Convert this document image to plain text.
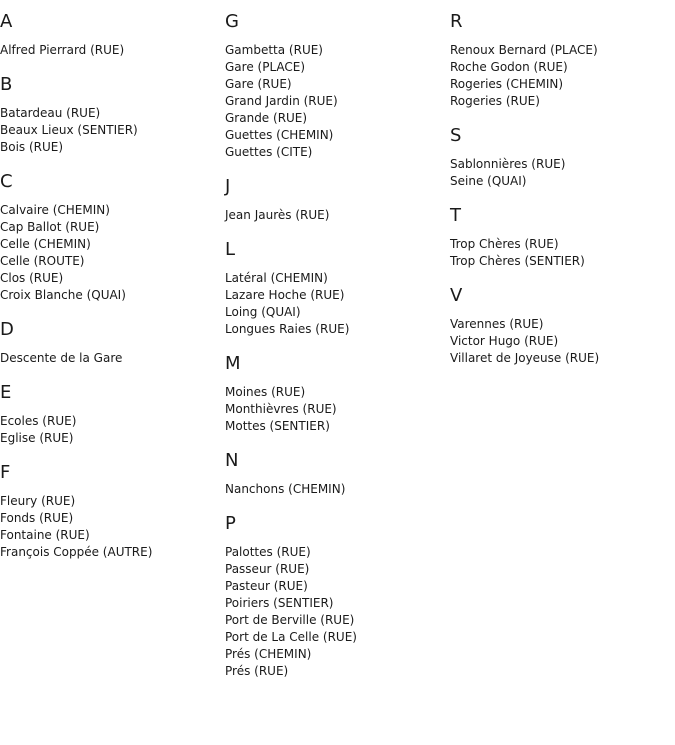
A
Alfred Pierrard (RUE)
B
Batardeau (RUE)
Beaux Lieux (SENTIER)
Bois (RUE)
C
Calvaire (CHEMIN)
Cap Ballot (RUE)
Celle (CHEMIN)
Celle (ROUTE)
Clos (RUE)
Croix Blanche (QUAI)
D
Descente de la Gare
E
Ecoles (RUE)
Eglise (RUE)
F
Fleury (RUE)
Fonds (RUE)
Fontaine (RUE)
François Coppée (AUTRE)
G
Gambetta (RUE)
Gare (PLACE)
Gare (RUE)
Grand Jardin (RUE)
Grande (RUE)
Guettes (CHEMIN)
Guettes (CITE)
J
Jean Jaurès (RUE)
L
Latéral (CHEMIN)
Lazare Hoche (RUE)
Loing (QUAI)
Longues Raies (RUE)
M
Moines (RUE)
Monthièvres (RUE)
Mottes (SENTIER)
N
Nanchons (CHEMIN)
P
Palottes (RUE)
Passeur (RUE)
Pasteur (RUE)
Poiriers (SENTIER)
Port de Berville (RUE)
Port de La Celle (RUE)
Prés (CHEMIN)
Prés (RUE)
R
Renoux Bernard (PLACE)
Roche Godon (RUE)
Rogeries (CHEMIN)
Rogeries (RUE)
S
Sablonnières (RUE)
Seine (QUAI)
T
Trop Chères (RUE)
Trop Chères (SENTIER)
V
Varennes (RUE)
Victor Hugo (RUE)
Villaret de Joyeuse (RUE)
